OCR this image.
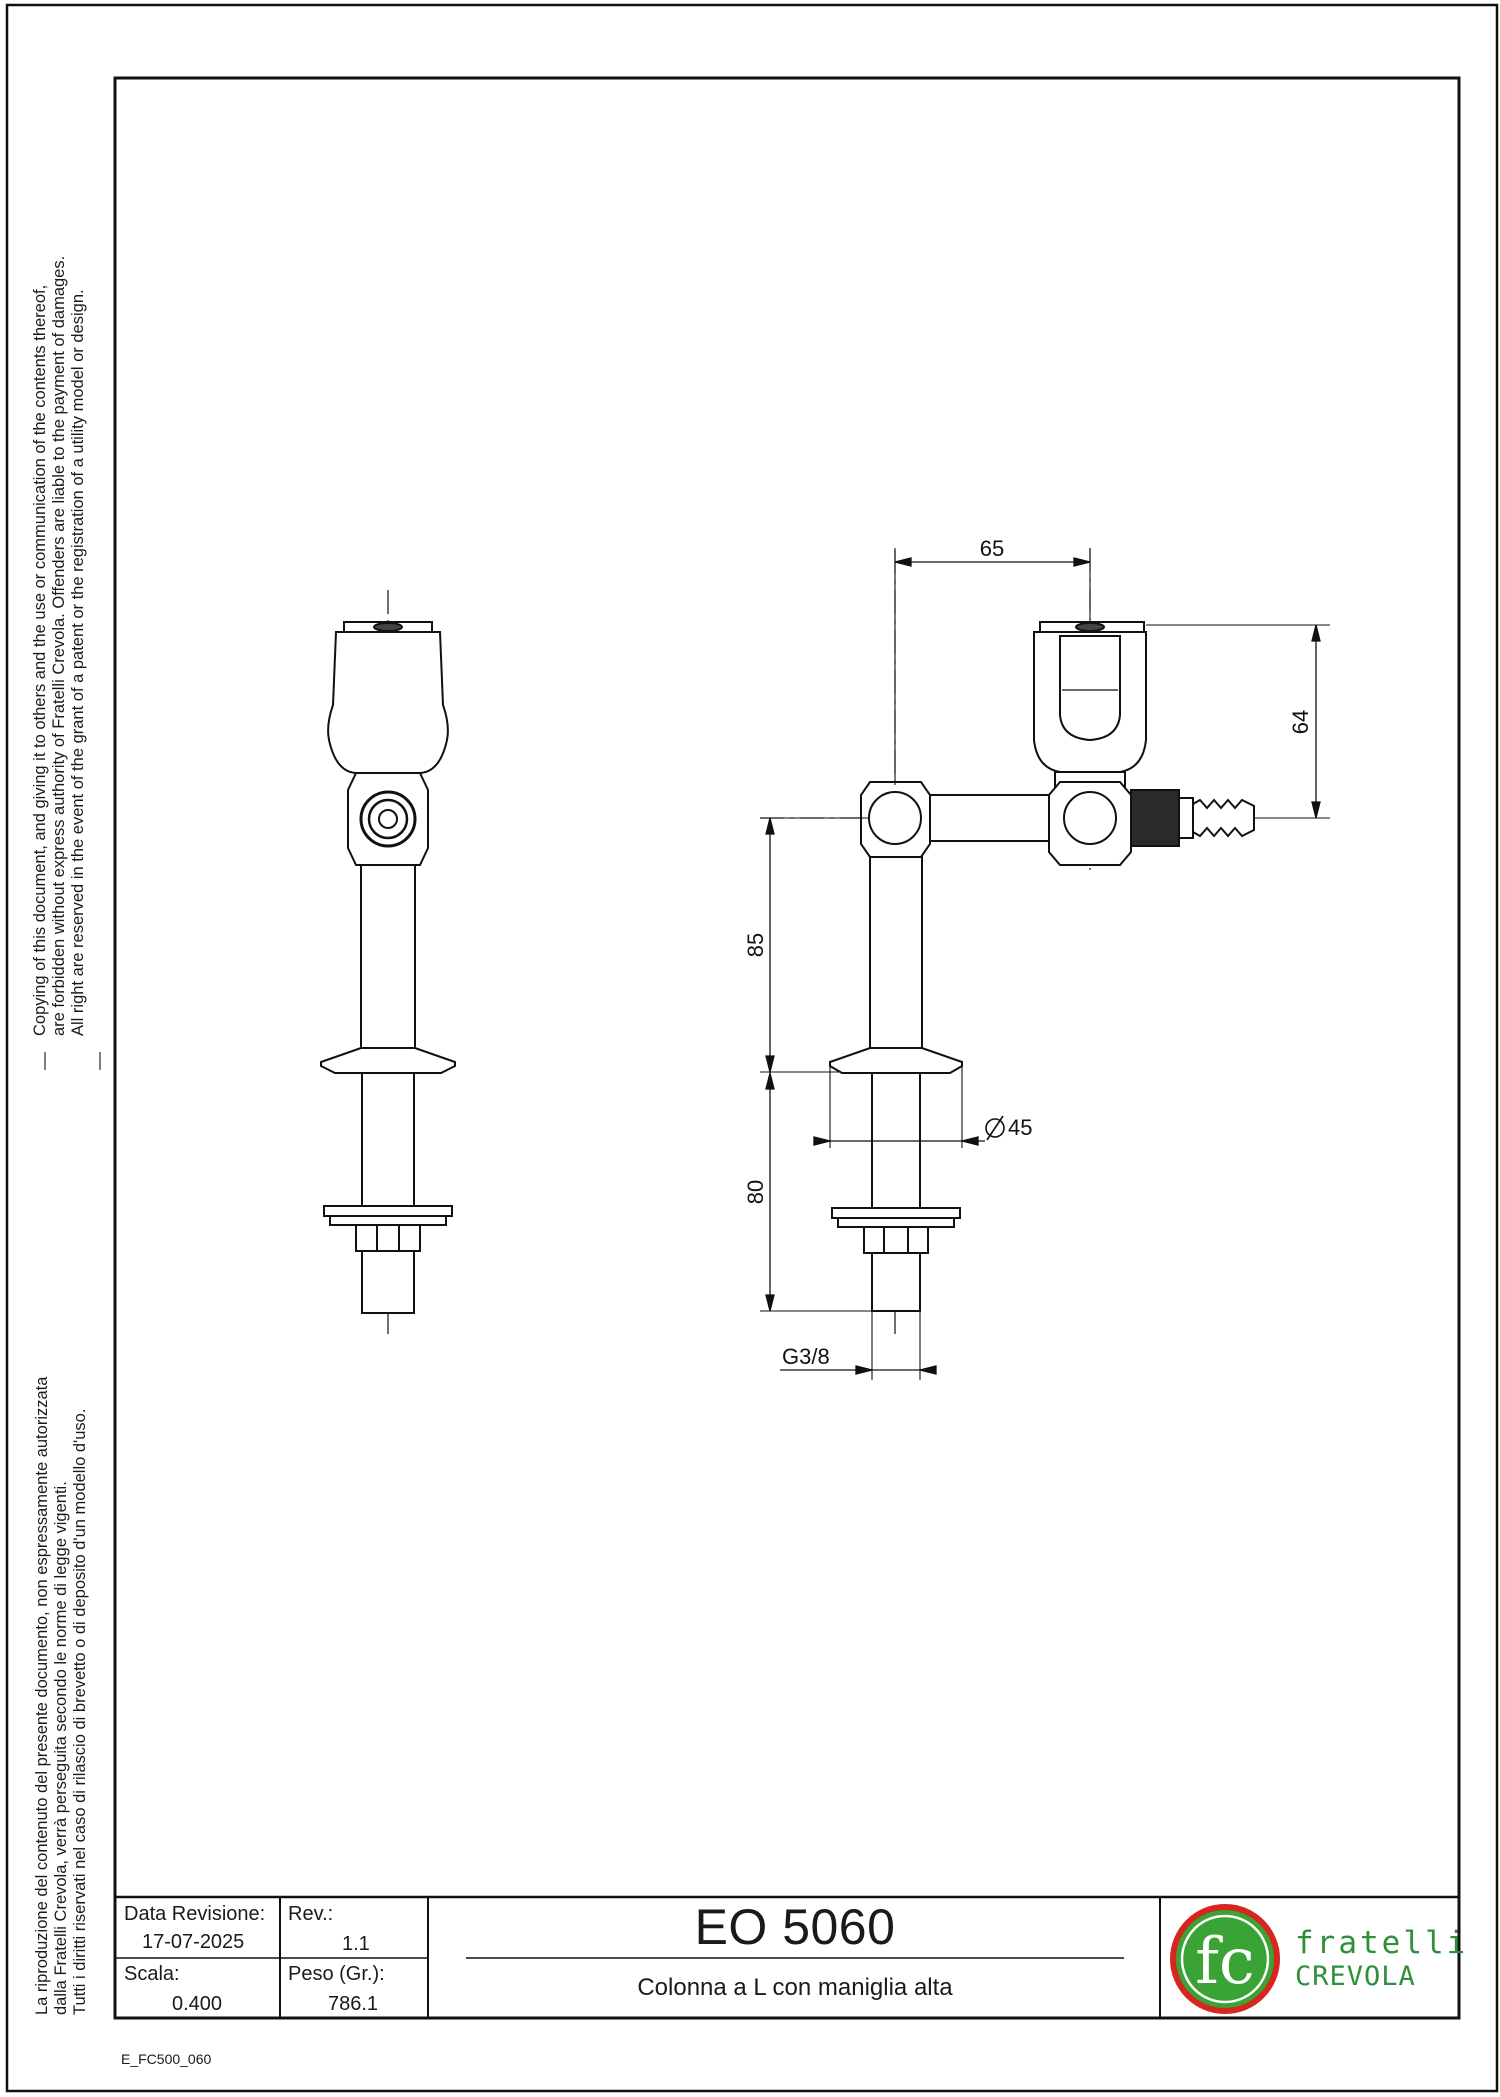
fc fratelli
CREVOLA
65
64
85
80
45
G3/8
Copying of this document, and giving it to others and the use or communication of the contents thereof, are forbidden without express authority of Fratelli Crevola. Offenders are liable to the payment of damages. All right are reserved in the event of the grant of a patent or the registration of a utility model or design.
La riproduzione del contenuto del presente documento, non espressamente autorizzata dalla Fratelli Crevola, verrà perseguita secondo le norme di legge vigenti. Tutti i diritti riservati nel caso di rilascio di brevetto o di deposito d'un modello d'uso. Data Revisione:
17-07-2025
Rev.:
1.1
Scala:
0.400
Peso (Gr.):
786.1
EO 5060
Colonna a L con maniglia alta
E_FC500_060
